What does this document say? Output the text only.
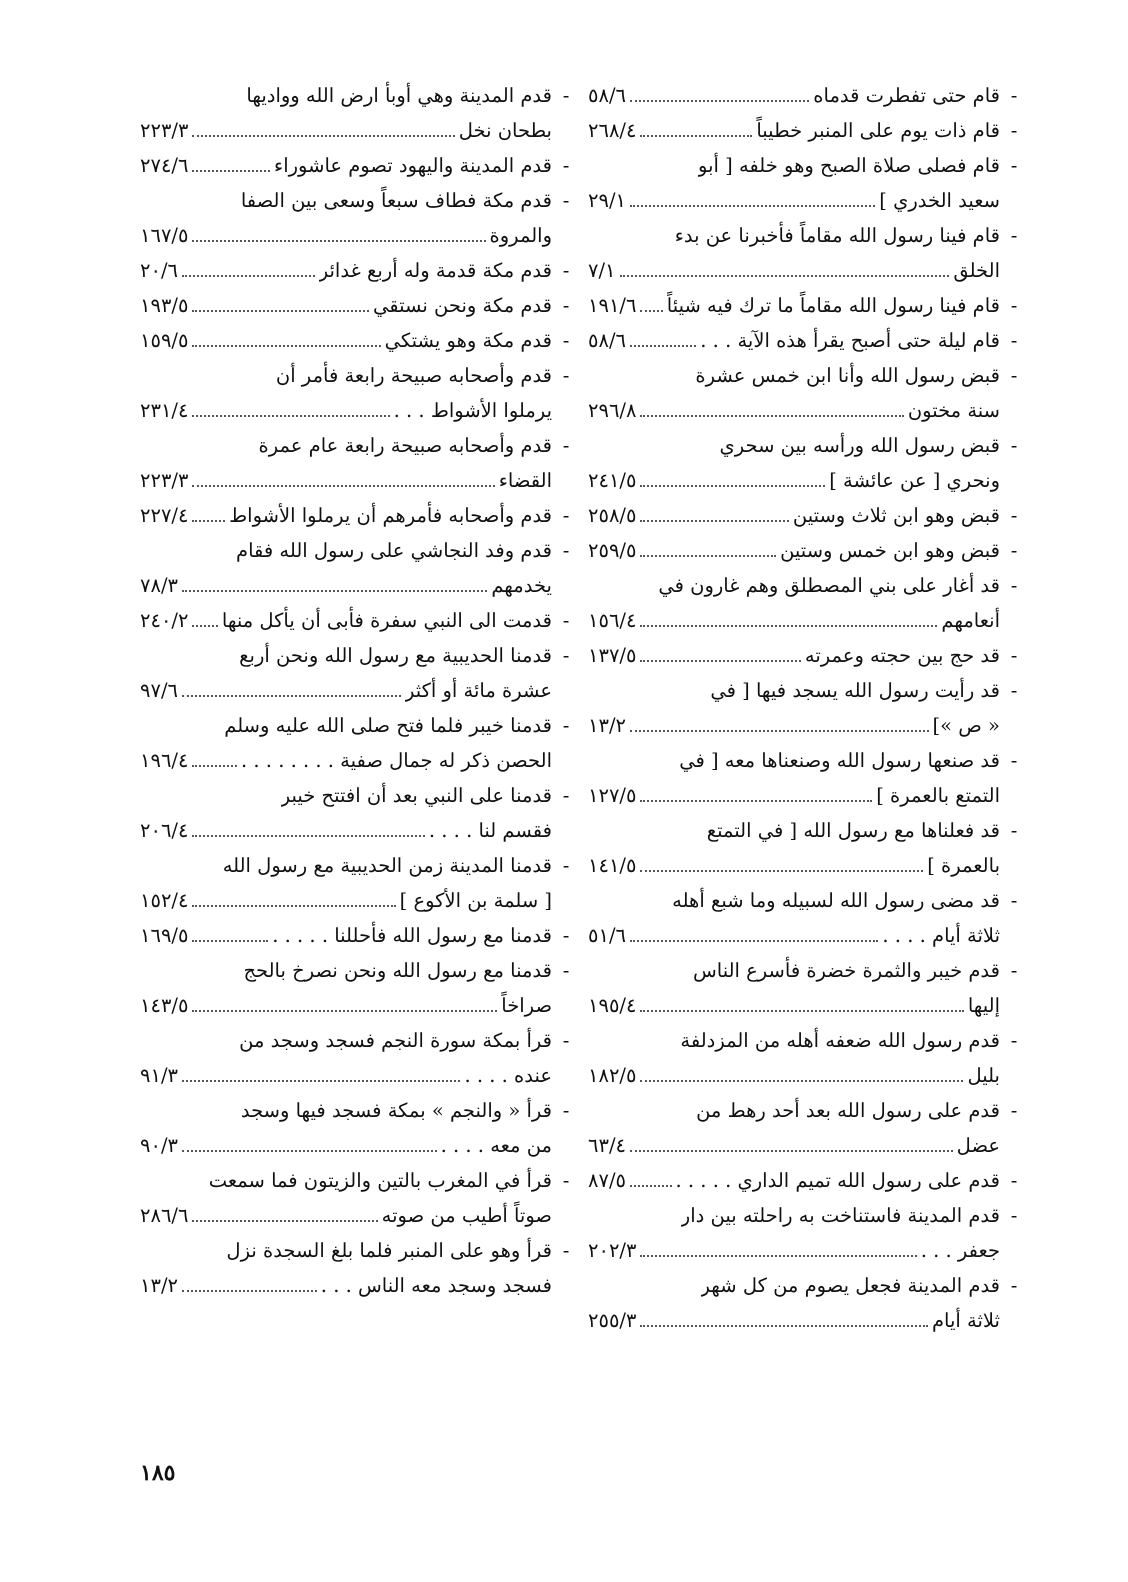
-
قام حتى تفطرت قدماه
٥٨/٦
-
قام ذات يوم على المنبر خطيباً
٢٦٨/٤
-
قام فصلى صلاة الصبح وهو خلفه [ أبو
سعيد الخدري ]
٢٩/١
-
قام فينا رسول الله مقاماً فأخبرنا عن بدء
الخلق
٧/١
-
قام فينا رسول الله مقاماً ما ترك فيه شيئاً
١٩١/٦
-
قام ليلة حتى أصبح يقرأ هذه الآية . . .
٥٨/٦
-
قبض رسول الله وأنا ابن خمس عشرة
سنة مختون
٢٩٦/٨
-
قبض رسول الله ورأسه بين سحري
ونحري [ عن عائشة ]
٢٤١/٥
-
قبض وهو ابن ثلاث وستين
٢٥٨/٥
-
قبض وهو ابن خمس وستين
٢٥٩/٥
-
قد أغار على بني المصطلق وهم غارون في
أنعامهم
١٥٦/٤
-
قد حج بين حجته وعمرته
١٣٧/٥
-
قد رأيت رسول الله يسجد فيها [ في
« ص »]
١٣/٢
-
قد صنعها رسول الله وصنعناها معه [ في
التمتع بالعمرة ]
١٢٧/٥
-
قد فعلناها مع رسول الله [ في التمتع
بالعمرة ]
١٤١/٥
-
قد مضى رسول الله لسبيله وما شبع أهله
ثلاثة أيام . . . .
٥١/٦
-
قدم خيبر والثمرة خضرة فأسرع الناس
إليها
١٩٥/٤
-
قدم رسول الله ضعفه أهله من المزدلفة
بليل
١٨٢/٥
-
قدم على رسول الله بعد أحد رهط من
عضل
٦٣/٤
-
قدم على رسول الله تميم الداري . . . . .
٨٧/٥
-
قدم المدينة فاستناخت به راحلته بين دار
جعفر . . .
٢٠٢/٣
-
قدم المدينة فجعل يصوم من كل شهر
ثلاثة أيام
٢٥٥/٣
-
قدم المدينة وهي أوبأ ارض الله وواديها
بطحان نخل
٢٢٣/٣
-
قدم المدينة واليهود تصوم عاشوراء
٢٧٤/٦
-
قدم مكة فطاف سبعاً وسعى بين الصفا
والمروة
١٦٧/٥
-
قدم مكة قدمة وله أربع غدائر
٢٠/٦
-
قدم مكة ونحن نستقي
١٩٣/٥
-
قدم مكة وهو يشتكي
١٥٩/٥
-
قدم وأصحابه صبيحة رابعة فأمر أن
يرملوا الأشواط . . .
٢٣١/٤
-
قدم وأصحابه صبيحة رابعة عام عمرة
القضاء
٢٢٣/٣
-
قدم وأصحابه فأمرهم أن يرملوا الأشواط
٢٢٧/٤
-
قدم وفد النجاشي على رسول الله فقام
يخدمهم
٧٨/٣
-
قدمت الى النبي سفرة فأبى أن يأكل منها
٢٤٠/٢
-
قدمنا الحديبية مع رسول الله ونحن أربع
عشرة مائة أو أكثر
٩٧/٦
-
قدمنا خيبر فلما فتح صلى الله عليه وسلم
الحصن ذكر له جمال صفية . . . . . . . .
١٩٦/٤
-
قدمنا على النبي بعد أن افتتح خيبر
فقسم لنا . . . .
٢٠٦/٤
-
قدمنا المدينة زمن الحديبية مع رسول الله
[ سلمة بن الأكوع ]
١٥٢/٤
-
قدمنا مع رسول الله فأحللنا . . . . .
١٦٩/٥
-
قدمنا مع رسول الله ونحن نصرخ بالحج
صراخاً
١٤٣/٥
-
قرأ بمكة سورة النجم فسجد وسجد من
عنده . . . .
٩١/٣
-
قرأ « والنجم » بمكة فسجد فيها وسجد
من معه . . . .
٩٠/٣
-
قرأ في المغرب بالتين والزيتون فما سمعت
صوتاً أطيب من صوته
٢٨٦/٦
-
قرأ وهو على المنبر فلما بلغ السجدة نزل
فسجد وسجد معه الناس . . .
١٣/٢
١٨٥
